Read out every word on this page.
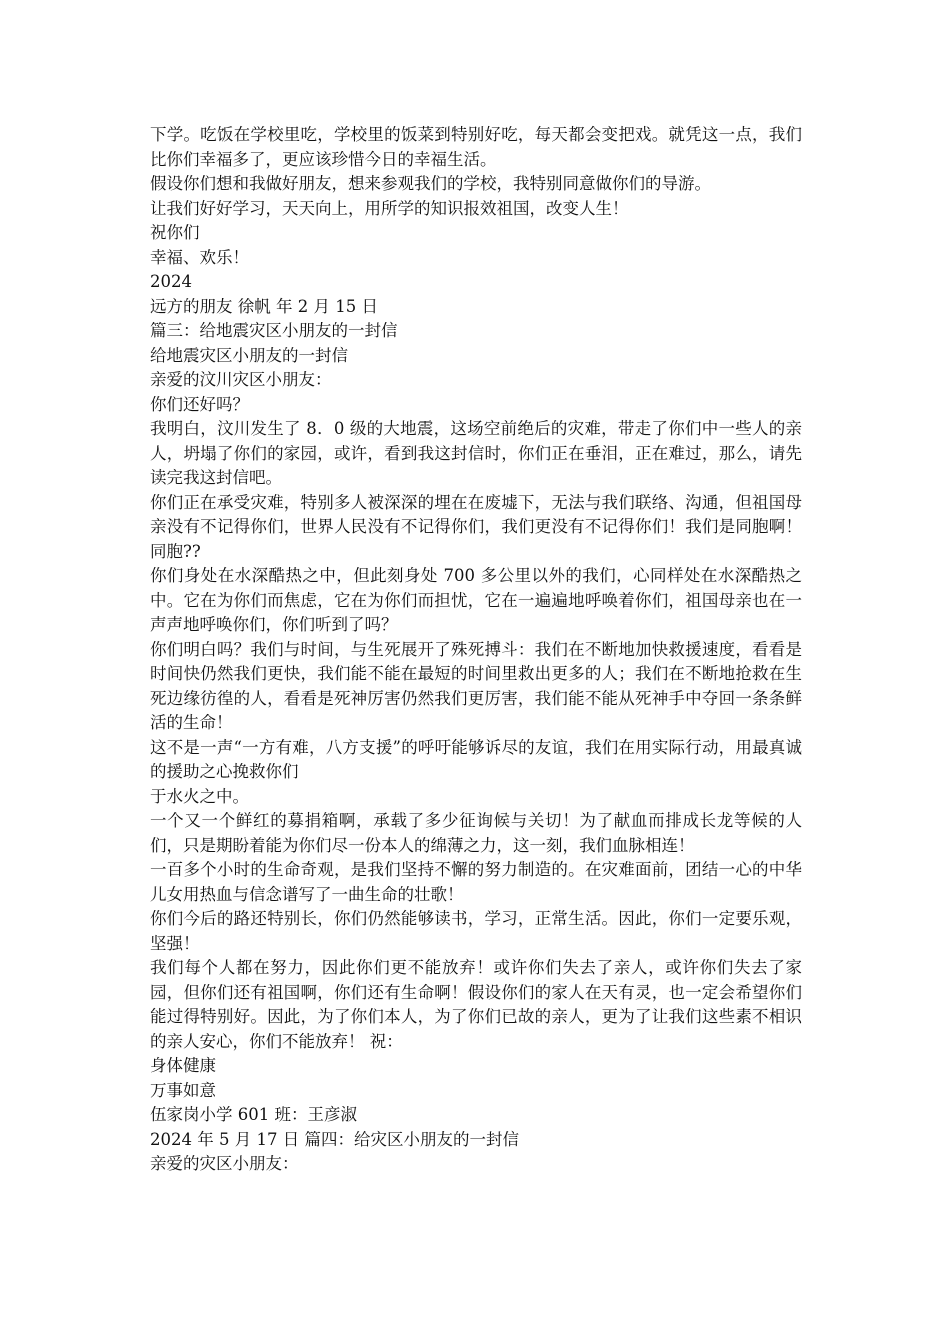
下学。吃饭在学校里吃，学校里的饭菜到特别好吃，每天都会变把戏。就凭这一点，我们比你们幸福多了，更应该珍惜今日的幸福生活。

假设你们想和我做好朋友，想来参观我们的学校，我特别同意做你们的导游。

让我们好好学习，天天向上，用所学的知识报效祖国，改变人生！

祝你们

幸福、欢乐！

2024

远方的朋友 徐帆 年 2 月 15 日

篇三：给地震灾区小朋友的一封信

给地震灾区小朋友的一封信

亲爱的汶川灾区小朋友：

你们还好吗？

我明白，汶川发生了 8．0 级的大地震，这场空前绝后的灾难，带走了你们中一些人的亲人，坍塌了你们的家园，或许，看到我这封信时，你们正在垂泪，正在难过，那么，请先读完我这封信吧。

你们正在承受灾难，特别多人被深深的埋在在废墟下，无法与我们联络、沟通，但祖国母亲没有不记得你们，世界人民没有不记得你们，我们更没有不记得你们！我们是同胞啊！同胞??

你们身处在水深酷热之中，但此刻身处 700 多公里以外的我们，心同样处在水深酷热之中。它在为你们而焦虑，它在为你们而担忧，它在一遍遍地呼唤着你们，祖国母亲也在一声声地呼唤你们，你们听到了吗？

你们明白吗？我们与时间，与生死展开了殊死搏斗：我们在不断地加快救援速度，看看是时间快仍然我们更快，我们能不能在最短的时间里救出更多的人；我们在不断地抢救在生死边缘彷徨的人，看看是死神厉害仍然我们更厉害，我们能不能从死神手中夺回一条条鲜活的生命！

这不是一声“一方有难，八方支援”的呼吁能够诉尽的友谊，我们在用实际行动，用最真诚的援助之心挽救你们

于水火之中。

一个又一个鲜红的募捐箱啊，承载了多少征询候与关切！为了献血而排成长龙等候的人们，只是期盼着能为你们尽一份本人的绵薄之力，这一刻，我们血脉相连！

一百多个小时的生命奇观，是我们坚持不懈的努力制造的。在灾难面前，团结一心的中华儿女用热血与信念谱写了一曲生命的壮歌！

你们今后的路还特别长，你们仍然能够读书，学习，正常生活。因此，你们一定要乐观，坚强！

我们每个人都在努力，因此你们更不能放弃！或许你们失去了亲人，或许你们失去了家园，但你们还有祖国啊，你们还有生命啊！假设你们的家人在天有灵，也一定会希望你们能过得特别好。因此，为了你们本人，为了你们已故的亲人，更为了让我们这些素不相识的亲人安心，你们不能放弃！ 祝：

身体健康

万事如意

伍家岗小学 601 班：王彦淑

2024 年 5 月 17 日 篇四：给灾区小朋友的一封信

亲爱的灾区小朋友：
